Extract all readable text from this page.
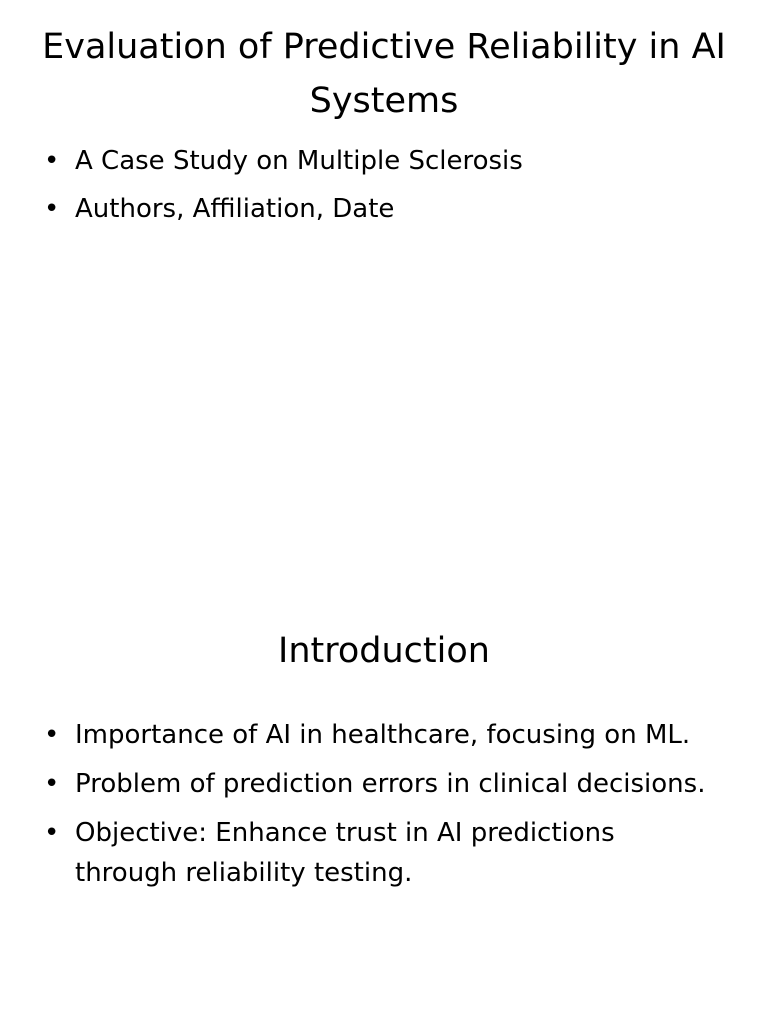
Evaluation of Predictive Reliability in AI Systems
• A Case Study on Multiple Sclerosis
• Authors, Affiliation, Date
Introduction
• Importance of AI in healthcare, focusing on ML.
• Problem of prediction errors in clinical decisions.
• Objective: Enhance trust in AI predictions through reliability testing.
